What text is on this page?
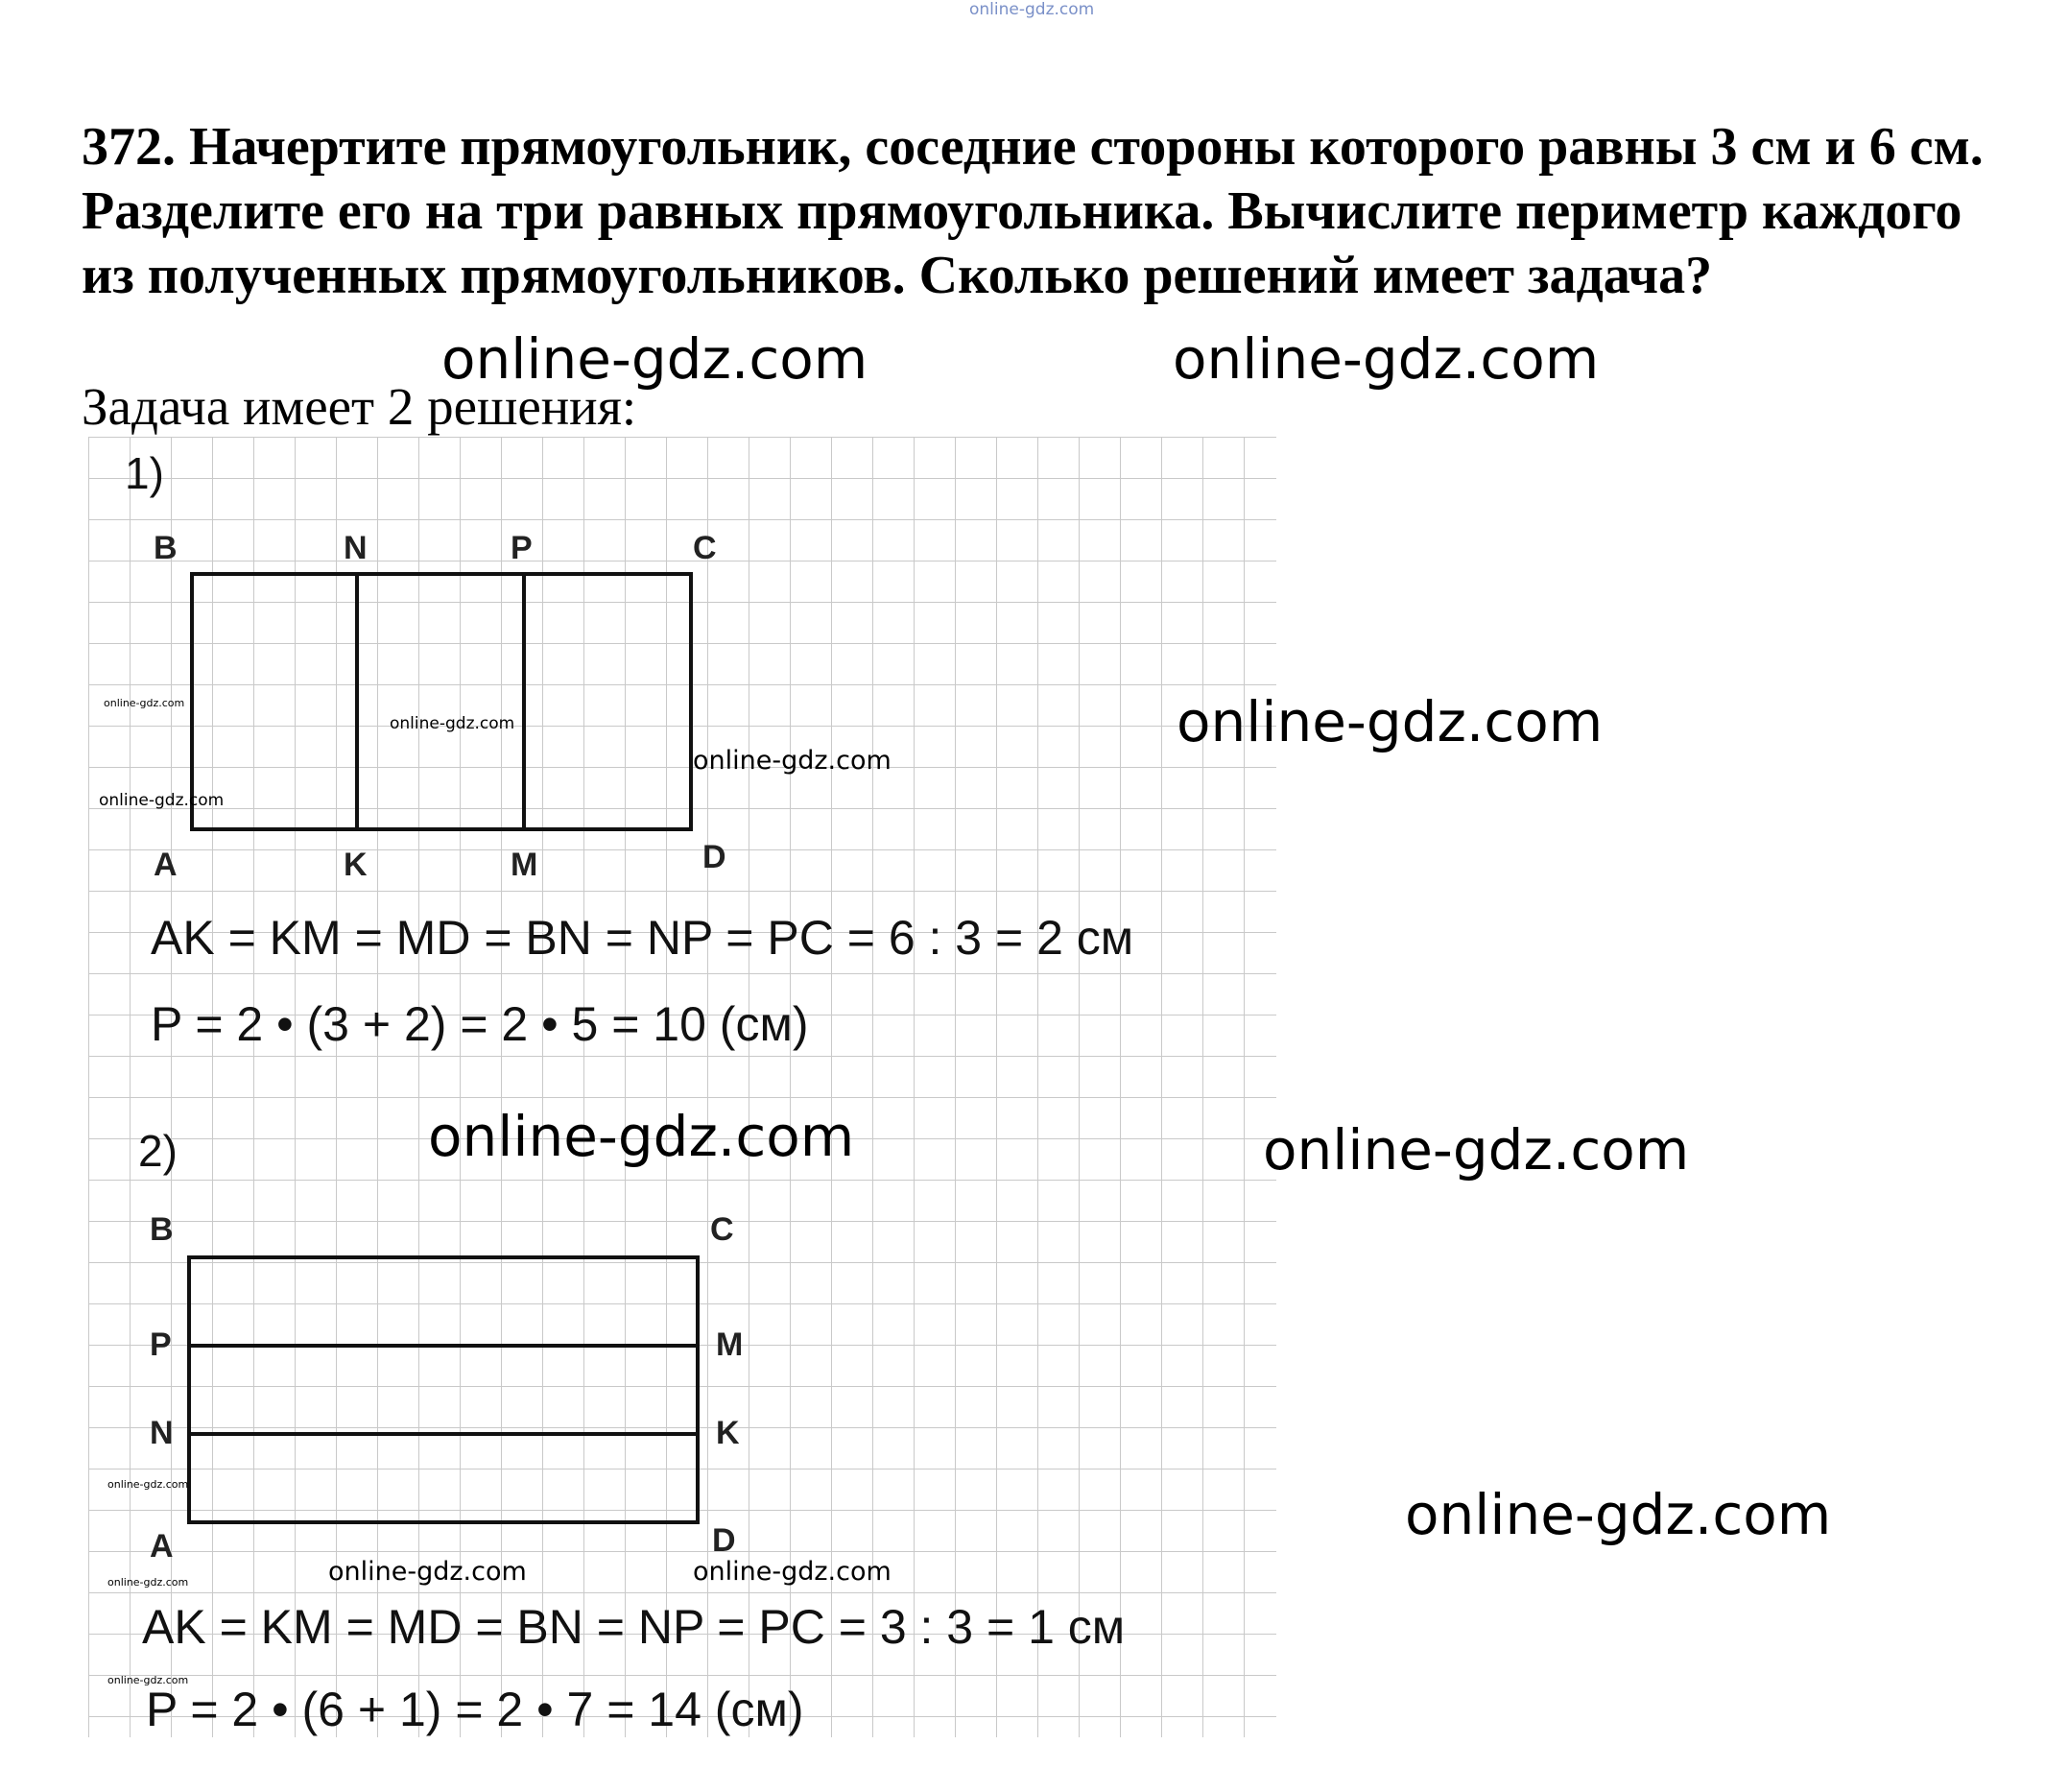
online-gdz.com

372. Начертите прямоугольник, соседние стороны которого равны 3 см и 6 см. Разделите его на три равных прямоугольника. Вычислите периметр каждого из полученных прямоугольников. Сколько решений имеет задача?

Задача имеет 2 решения:
1)
B	N	P	C
A	K	M	D
AK = KM = MD = BN = NP = PC = 6 : 3 = 2 см
P = 2 • (3 + 2) = 2 • 5 = 10 (см)
2)
B	C
P	M
N	K
A	D
AK = KM = MD = BN = NP = PC = 3 : 3 = 1 см
P = 2 • (6 + 1) = 2 • 7 = 14 (см)
online-gdz.com	online-gdz.com
online-gdz.com
online-gdz.com	online-gdz.com
online-gdz.com
online-gdz.com
online-gdz.com	online-gdz.com
online-gdz.com
online-gdz.com
online-gdz.com
online-gdz.com
online-gdz.com
online-gdz.com
